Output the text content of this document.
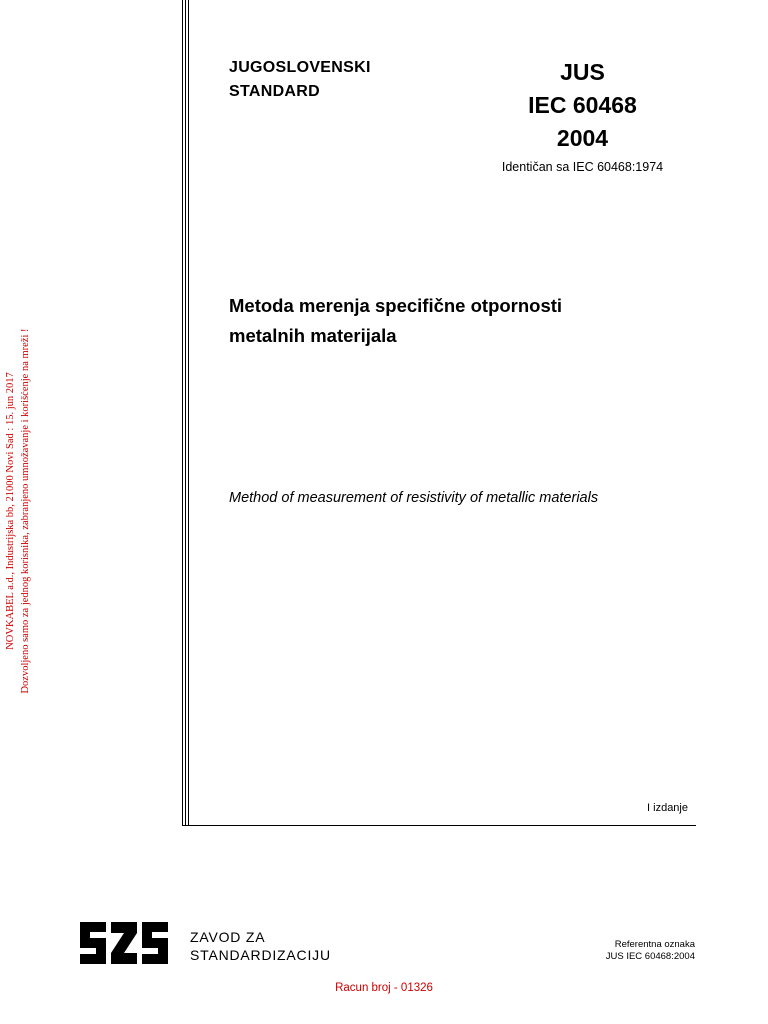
JUGOSLOVENSKI
STANDARD
JUS
IEC 60468
2004
Identičan sa IEC 60468:1974
Metoda merenja specifične otpornosti
metalnih materijala
Method of measurement of resistivity of metallic materials
I izdanje
NOVKABEL a.d., Industrijska bb, 21000 Novi Sad : 15. jun 2017 Dozvoljeno samo za jednog korisnika, zabranjeno umnožavanje i korišćenje na mreži !
ZAVOD ZA
STANDARDIZACIJU
Referentna oznaka
JUS IEC 60468:2004
Racun broj - 01326
